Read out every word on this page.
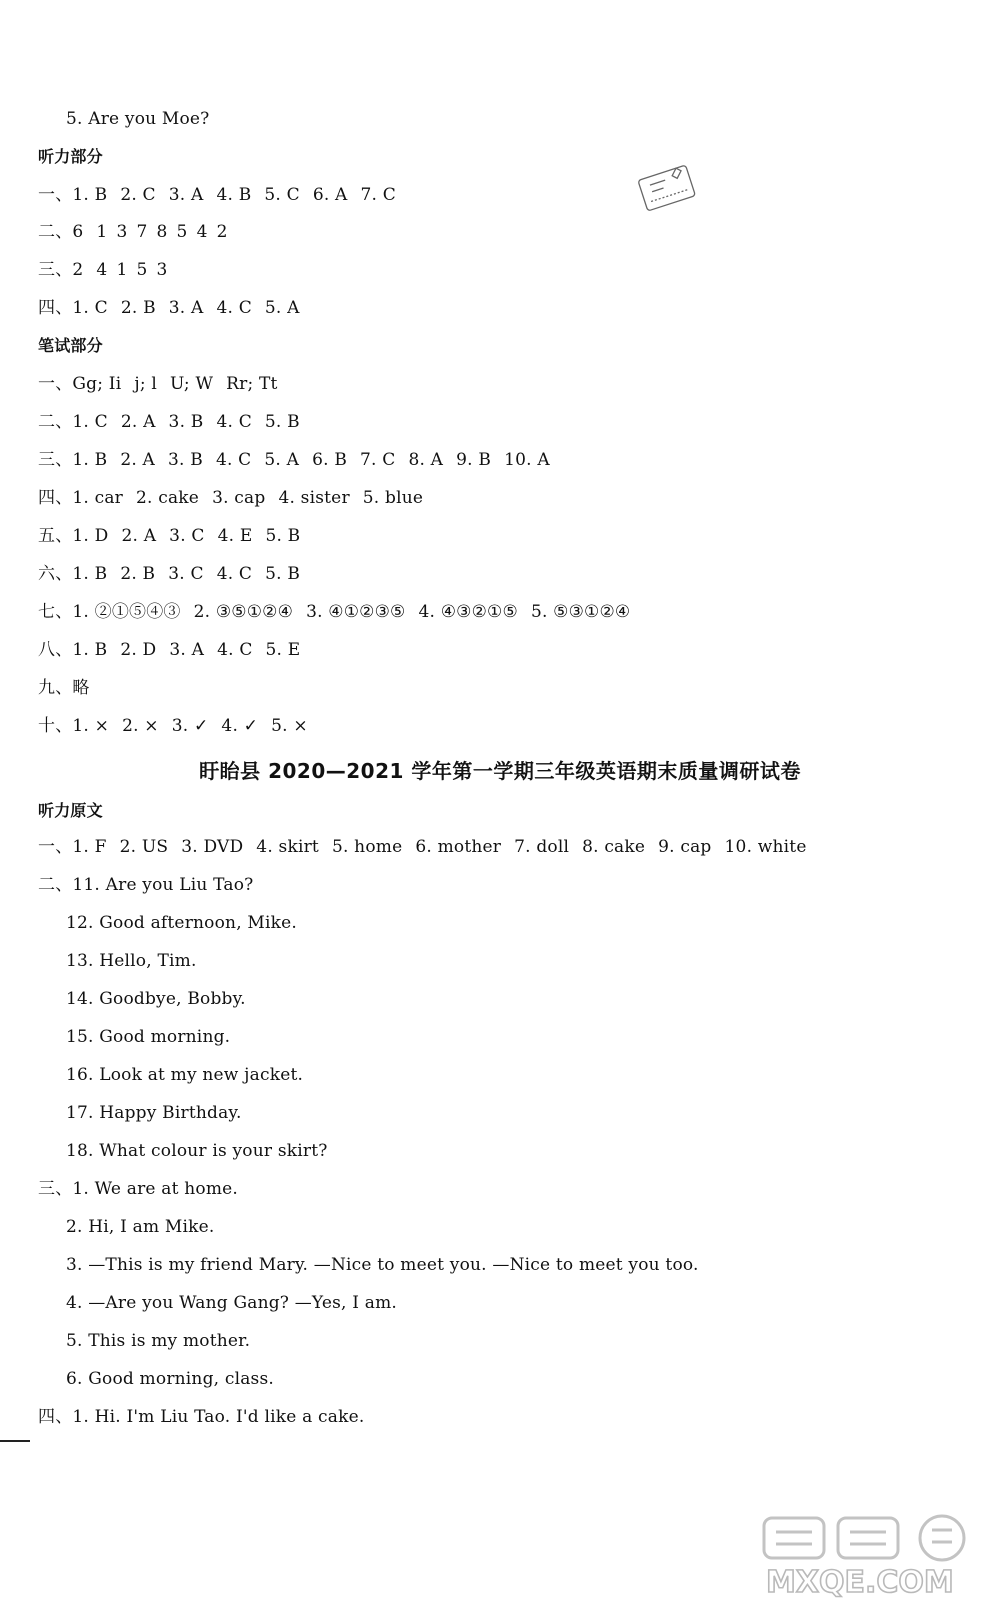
5. Are you Moe?
听力部分
一、1. B 2. C 3. A 4. B 5. C 6. A 7. C
二、6 1 3 7 8 5 4 2
三、2 4 1 5 3
四、1. C 2. B 3. A 4. C 5. A
笔试部分
一、Gg; Ii j; l U; W Rr; Tt
二、1. C 2. A 3. B 4. C 5. B
三、1. B 2. A 3. B 4. C 5. A 6. B 7. C 8. A 9. B 10. A
四、1. car 2. cake 3. cap 4. sister 5. blue
五、1. D 2. A 3. C 4. E 5. B
六、1. B 2. B 3. C 4. C 5. B
七、1. ②①⑤④③ 2. ③⑤①②④ 3. ④①②③⑤ 4. ④③②①⑤ 5. ⑤③①②④
八、1. B 2. D 3. A 4. C 5. E
九、略
十、1. × 2. × 3. ✓ 4. ✓ 5. ×
听力原文
一、1. F 2. US 3. DVD 4. skirt 5. home 6. mother 7. doll 8. cake 9. cap 10. white
二、11. Are you Liu Tao?
12. Good afternoon, Mike.
13. Hello, Tim.
14. Goodbye, Bobby.
15. Good morning.
16. Look at my new jacket.
17. Happy Birthday.
18. What colour is your skirt?
三、1. We are at home.
2. Hi, I am Mike.
3. —This is my friend Mary. —Nice to meet you. —Nice to meet you too.
4. —Are you Wang Gang? —Yes, I am.
5. This is my mother.
6. Good morning, class.
四、1. Hi. I'm Liu Tao. I'd like a cake.
盱眙县 2020—2021 学年第一学期三年级英语期末质量调研试卷
MXQE.COM
